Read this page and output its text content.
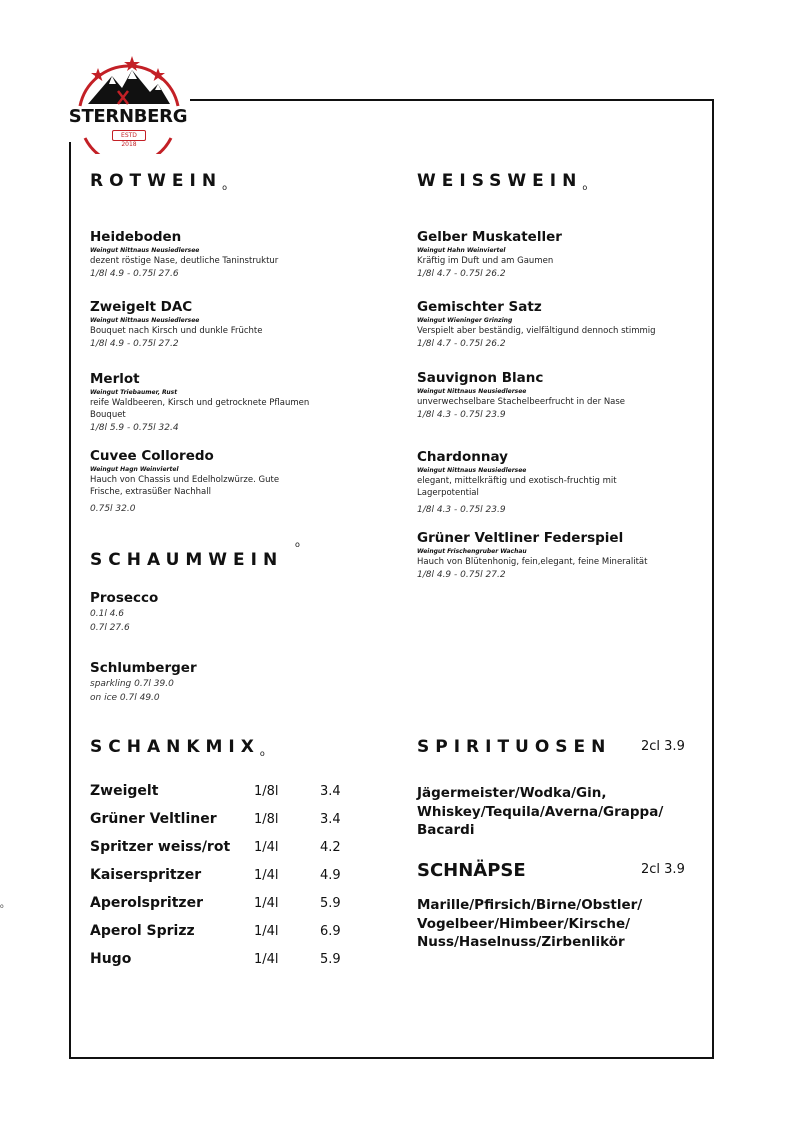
STERNBERG
ESTD 2018
$ROTWEIN_o$
Heideboden
Weingut Nittnaus Neusiedlersee
dezent röstige Nase, deutliche Taninstruktur
1/8l 4.9 - 0.75l 27.6
Zweigelt DAC
Weingut Nittnaus Neusiedlersee
Bouquet nach Kirsch und dunkle Früchte
1/8l 4.9 - 0.75l 27.2
Merlot
Weingut Triebaumer, Rust
reife Waldbeeren, Kirsch und getrocknete Pflaumen Bouquet
1/8l 5.9 - 0.75l 32.4
Cuvee Colloredo
Weingut Hagn Weinviertel
Hauch von Chassis und Edelholzwürze. Gute Frische, extrasüßer Nachhall
0.75l 32.0
$WEISSWEIN_o$
Gelber Muskateller
Weingut Hahn Weinviertel
Kräftig im Duft und am Gaumen
1/8l 4.7 - 0.75l 26.2
Gemischter Satz
Weingut Wieninger Grinzing
Verspielt aber beständig, vielfältigund dennoch stimmig
1/8l 4.7 - 0.75l 26.2
Sauvignon Blanc
Weingut Nittnaus Neusiedlersee
unverwechselbare Stachelbeerfrucht in der Nase
1/8l 4.3 - 0.75l 23.9
Chardonnay
Weingut Nittnaus Neusiedlersee
elegant, mittelkräftig und exotisch-fruchtig mit Lagerpotential
1/8l 4.3 - 0.75l 23.9
Grüner Veltliner Federspiel
Weingut Frischengruber Wachau
Hauch von Blütenhonig, fein,elegant, feine Mineralität
1/8l 4.9 - 0.75l 27.2
SCHAUMWEIN
o
Prosecco
0.1l 4.6
0.7l 27.6
Schlumberger
sparkling 0.7l 39.0
on ice 0.7l 49.0
$SCHANKMIX_o$
Zweigelt	1/8l	3.4
Grüner Veltliner	1/8l	3.4
Spritzer weiss/rot 1/4l	4.2
Kaiserspritzer	1/4l	4.9
Aperolspritzer	1/4l	5.9
Aperol Sprizz	1/4l	6.9
Hugo	1/4l	5.9
SPIRITUOSEN 2cl 3.9
Jägermeister/Wodka/Gin,
Whiskey/Tequila/Averna/Grappa/
Bacardi
SCHNÄPSE	2cl 3.9
Marille/Pfirsich/Birne/Obstler/
Vogelbeer/Himbeer/Kirsche/
Nuss/Haselnuss/Zirbenlikör
o
